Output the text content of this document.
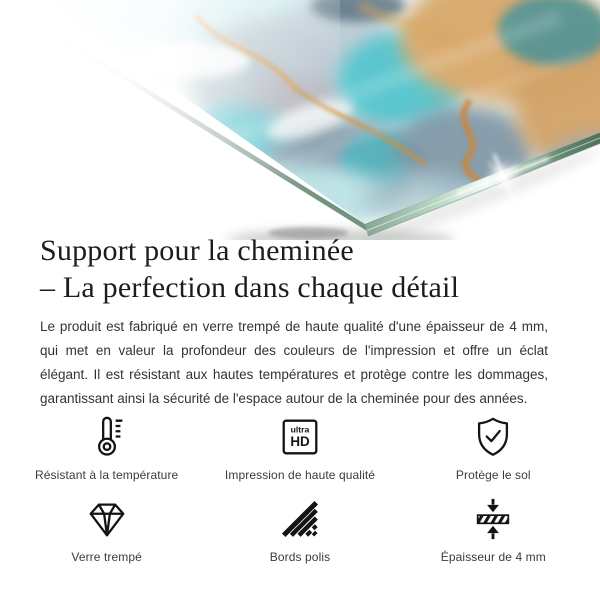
Support pour la cheminée
– La perfection dans chaque détail

Le produit est fabriqué en verre trempé de haute qualité d'une épaisseur de 4 mm, qui met en valeur la profondeur des couleurs de l'impression et offre un éclat élégant. Il est résistant aux hautes températures et protège contre les dommages, garantissant ainsi la sécurité de l'espace autour de la cheminée pour des années.

Résistant à la température
ultra
HD
Impression de haute qualité	Protège le sol
Verre trempé	Bords polis	Épaisseur de 4 mm
